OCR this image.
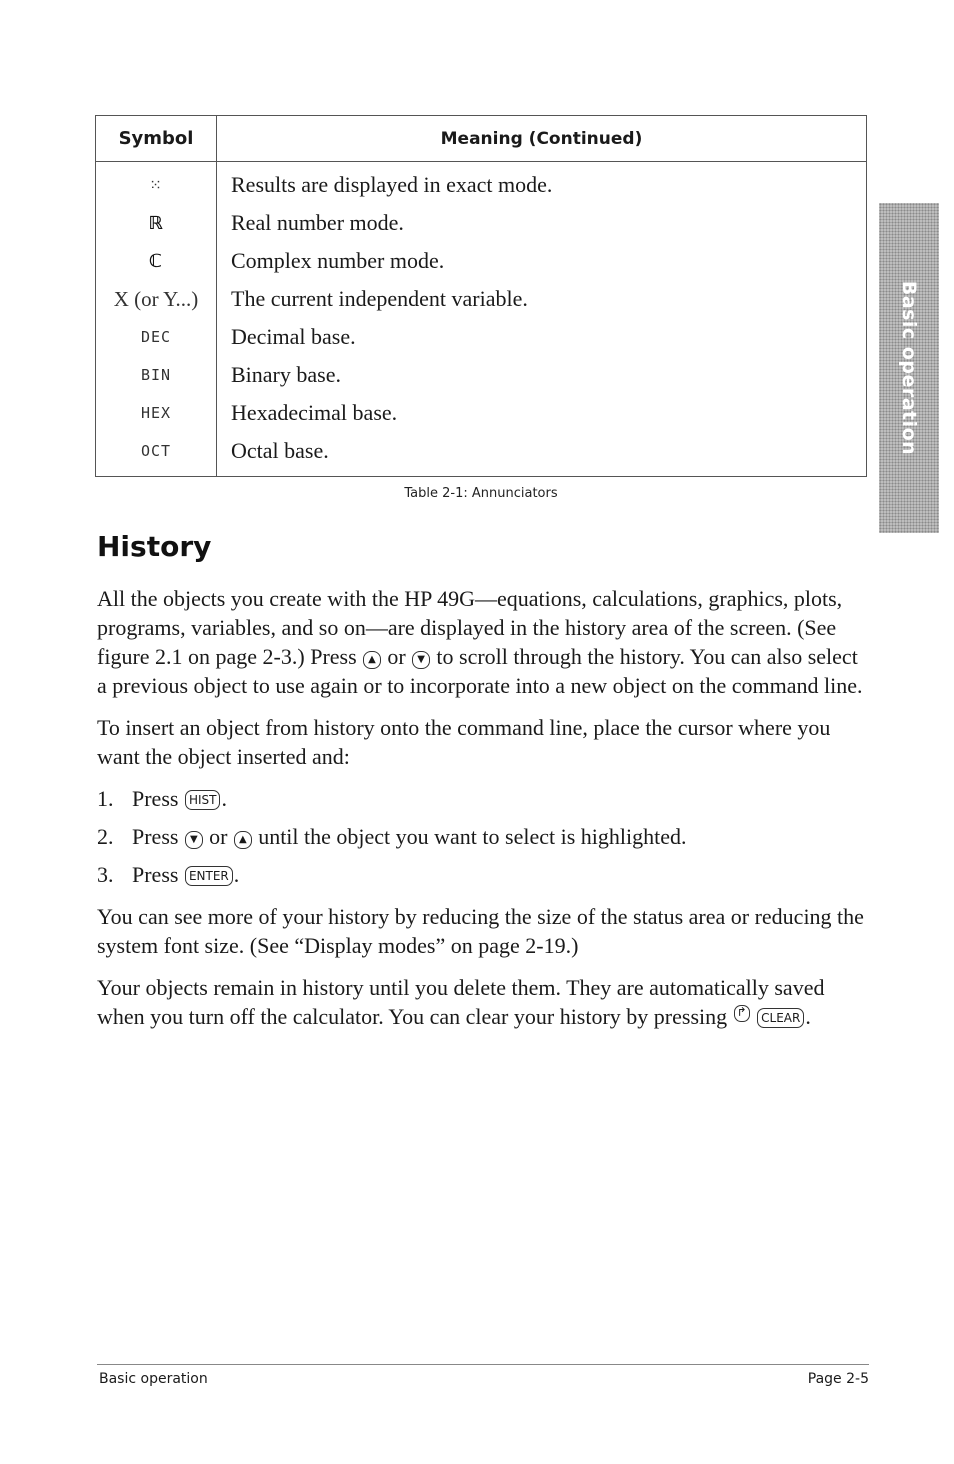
Symbol	Meaning (Continued)
⁙	Results are displayed in exact mode.
ℝ	Real number mode.
ℂ	Complex number mode.
X (or Y...)	The current independent variable.
DEC	Decimal base.
BIN	Binary base.
HEX	Hexadecimal base.
OCT	Octal base.
Table 2-1: Annunciators
Basic operation
History

All the objects you create with the HP 49G—equations, calculations, graphics, plots, programs, variables, and so on—are displayed in the history area of the screen. (See figure 2.1 on page 2-3.) Press ▲ or ▼ to scroll through the history. You can also select a previous object to use again or to incorporate into a new object on the command line.

To insert an object from history onto the command line, place the cursor where you want the object inserted and:

1. Press HIST .
2. Press ▼ or ▲ until the object you want to select is highlighted.
3. Press ENTER .

You can see more of your history by reducing the size of the status area or reducing the system font size. (See “Display modes” on page 2-19.)

Your objects remain in history until you delete them. They are automatically saved when you turn off the calculator. You can clear your history by pressing ↱	CLEAR .

Basic operation	Page 2-5
